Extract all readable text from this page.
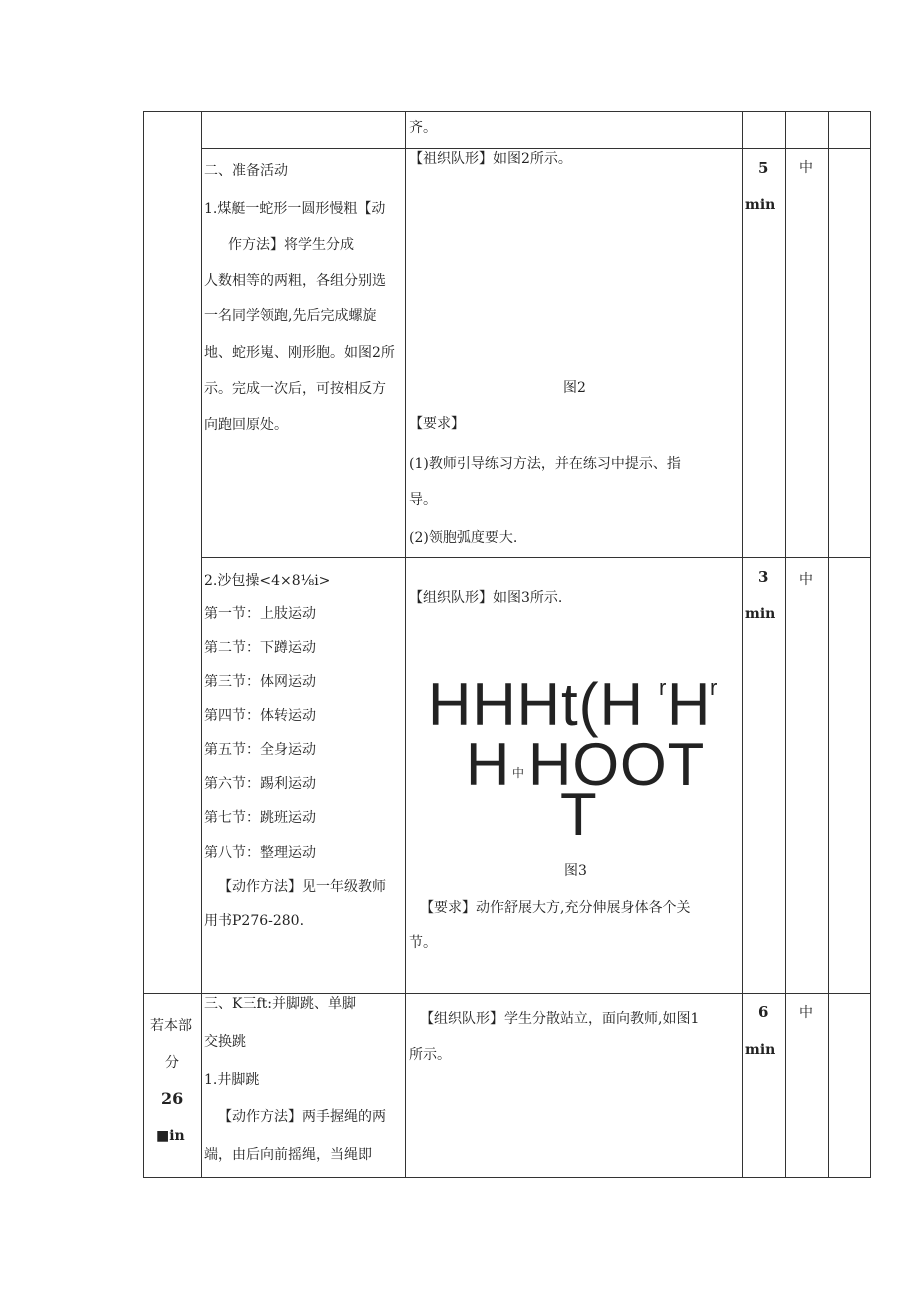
齐。
二、准备活动
1.煤艇一蛇形一圆形慢粗【动
作方法】将学生分成
人数相等的两粗，各组分别选
一名同学领跑,先后完成螺旋
地、蛇形嵬、刚形胞。如图2所
示。完成一次后，可按相反方
向跑回原处。
【祖织队形】如图2所示。
图2
【要求】
(1)教师引导练习方法，并在练习中提示、指
导。
(2)领胞弧度要大.
5
min
中
2.沙包操<4×8⅛i>
第一节：上肢运动
第二节：下蹲运动
第三节：体网运动
第四节：体转运动
第五节：全身运动
第六节：踢利运动
第七节：跳班运动
第八节：整理运动
【动作方法】见一年级教师
用书P276-280.
【组织队形】如图3所示.
HHHt(H r H
r
H 中 HOOT
T
图3
【要求】动作舒展大方,充分伸展身体各个关
节。
3
min
中
若本部
分
26
■in
三、K三ft:并脚跳、单脚
交换跳
1.井脚跳
【动作方法】两手握绳的两
端，由后向前摇绳，当绳即
【组织队形】学生分散站立，面向教师,如图1
所示。
6
min
中
